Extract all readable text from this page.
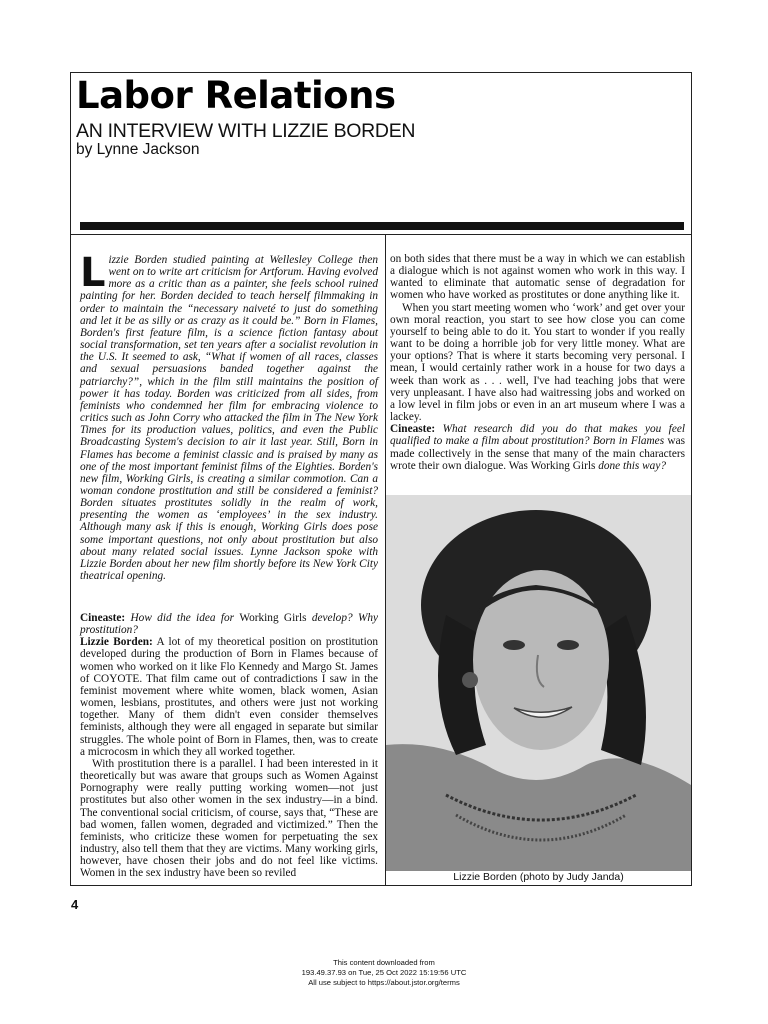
Labor Relations
AN INTERVIEW WITH LIZZIE BORDEN
by Lynne Jackson
Lizzie Borden studied painting at Wellesley College then went on to write art criticism for Artforum. Having evolved more as a critic than as a painter, she feels school ruined painting for her. Borden decided to teach herself filmmaking in order to maintain the “necessary naiveté to just do something and let it be as silly or as crazy as it could be.” Born in Flames, Borden's first feature film, is a science fiction fantasy about social transformation, set ten years after a socialist revolution in the U.S. It seemed to ask, “What if women of all races, classes and sexual persuasions banded together against the patriarchy?”, which in the film still maintains the position of power it has today. Borden was criticized from all sides, from feminists who condemned her film for embracing violence to critics such as John Corry who attacked the film in The New York Times for its production values, politics, and even the Public Broadcasting System's decision to air it last year. Still, Born in Flames has become a feminist classic and is praised by many as one of the most important feminist films of the Eighties. Borden's new film, Working Girls, is creating a similar commotion. Can a woman condone prostitution and still be considered a feminist? Borden situates prostitutes solidly in the realm of work, presenting the women as ‘employees’ in the sex industry. Although many ask if this is enough, Working Girls does pose some important questions, not only about prostitution but also about many related social issues. Lynne Jackson spoke with Lizzie Borden about her new film shortly before its New York City theatrical opening.

Cineaste: How did the idea for Working Girls develop? Why prostitution?

Lizzie Borden: A lot of my theoretical position on prostitution developed during the production of Born in Flames because of women who worked on it like Flo Kennedy and Margo St. James of COYOTE. That film came out of contradictions I saw in the feminist movement where white women, black women, Asian women, lesbians, prostitutes, and others were just not working together. Many of them didn't even consider themselves feminists, although they were all engaged in separate but similar struggles. The whole point of Born in Flames, then, was to create a microcosm in which they all worked together.

With prostitution there is a parallel. I had been interested in it theoretically but was aware that groups such as Women Against Pornography were really putting working women—not just prostitutes but also other women in the sex industry—in a bind. The conventional social criticism, of course, says that, “These are bad women, fallen women, degraded and victimized.” Then the feminists, who criticize these women for perpetuating the sex industry, also tell them that they are victims. Many working girls, however, have chosen their jobs and do not feel like victims. Women in the sex industry have been so reviled

on both sides that there must be a way in which we can establish a dialogue which is not against women who work in this way. I wanted to eliminate that automatic sense of degradation for women who have worked as prostitutes or done anything like it.

When you start meeting women who ‘work’ and get over your own moral reaction, you start to see how close you can come yourself to being able to do it. You start to wonder if you really want to be doing a horrible job for very little money. What are your options? That is where it starts becoming very personal. I mean, I would certainly rather work in a house for two days a week than work as . . . well, I've had teaching jobs that were very unpleasant. I have also had waitressing jobs and worked on a low level in film jobs or even in an art museum where I was a lackey.

Cineaste: What research did you do that makes you feel qualified to make a film about prostitution? Born in Flames was made collectively in the sense that many of the main characters wrote their own dialogue. Was Working Girls done this way?

Lizzie Borden (photo by Judy Janda)
4
This content downloaded from
193.49.37.93 on Tue, 25 Oct 2022 15:19:56 UTC
All use subject to https://about.jstor.org/terms
